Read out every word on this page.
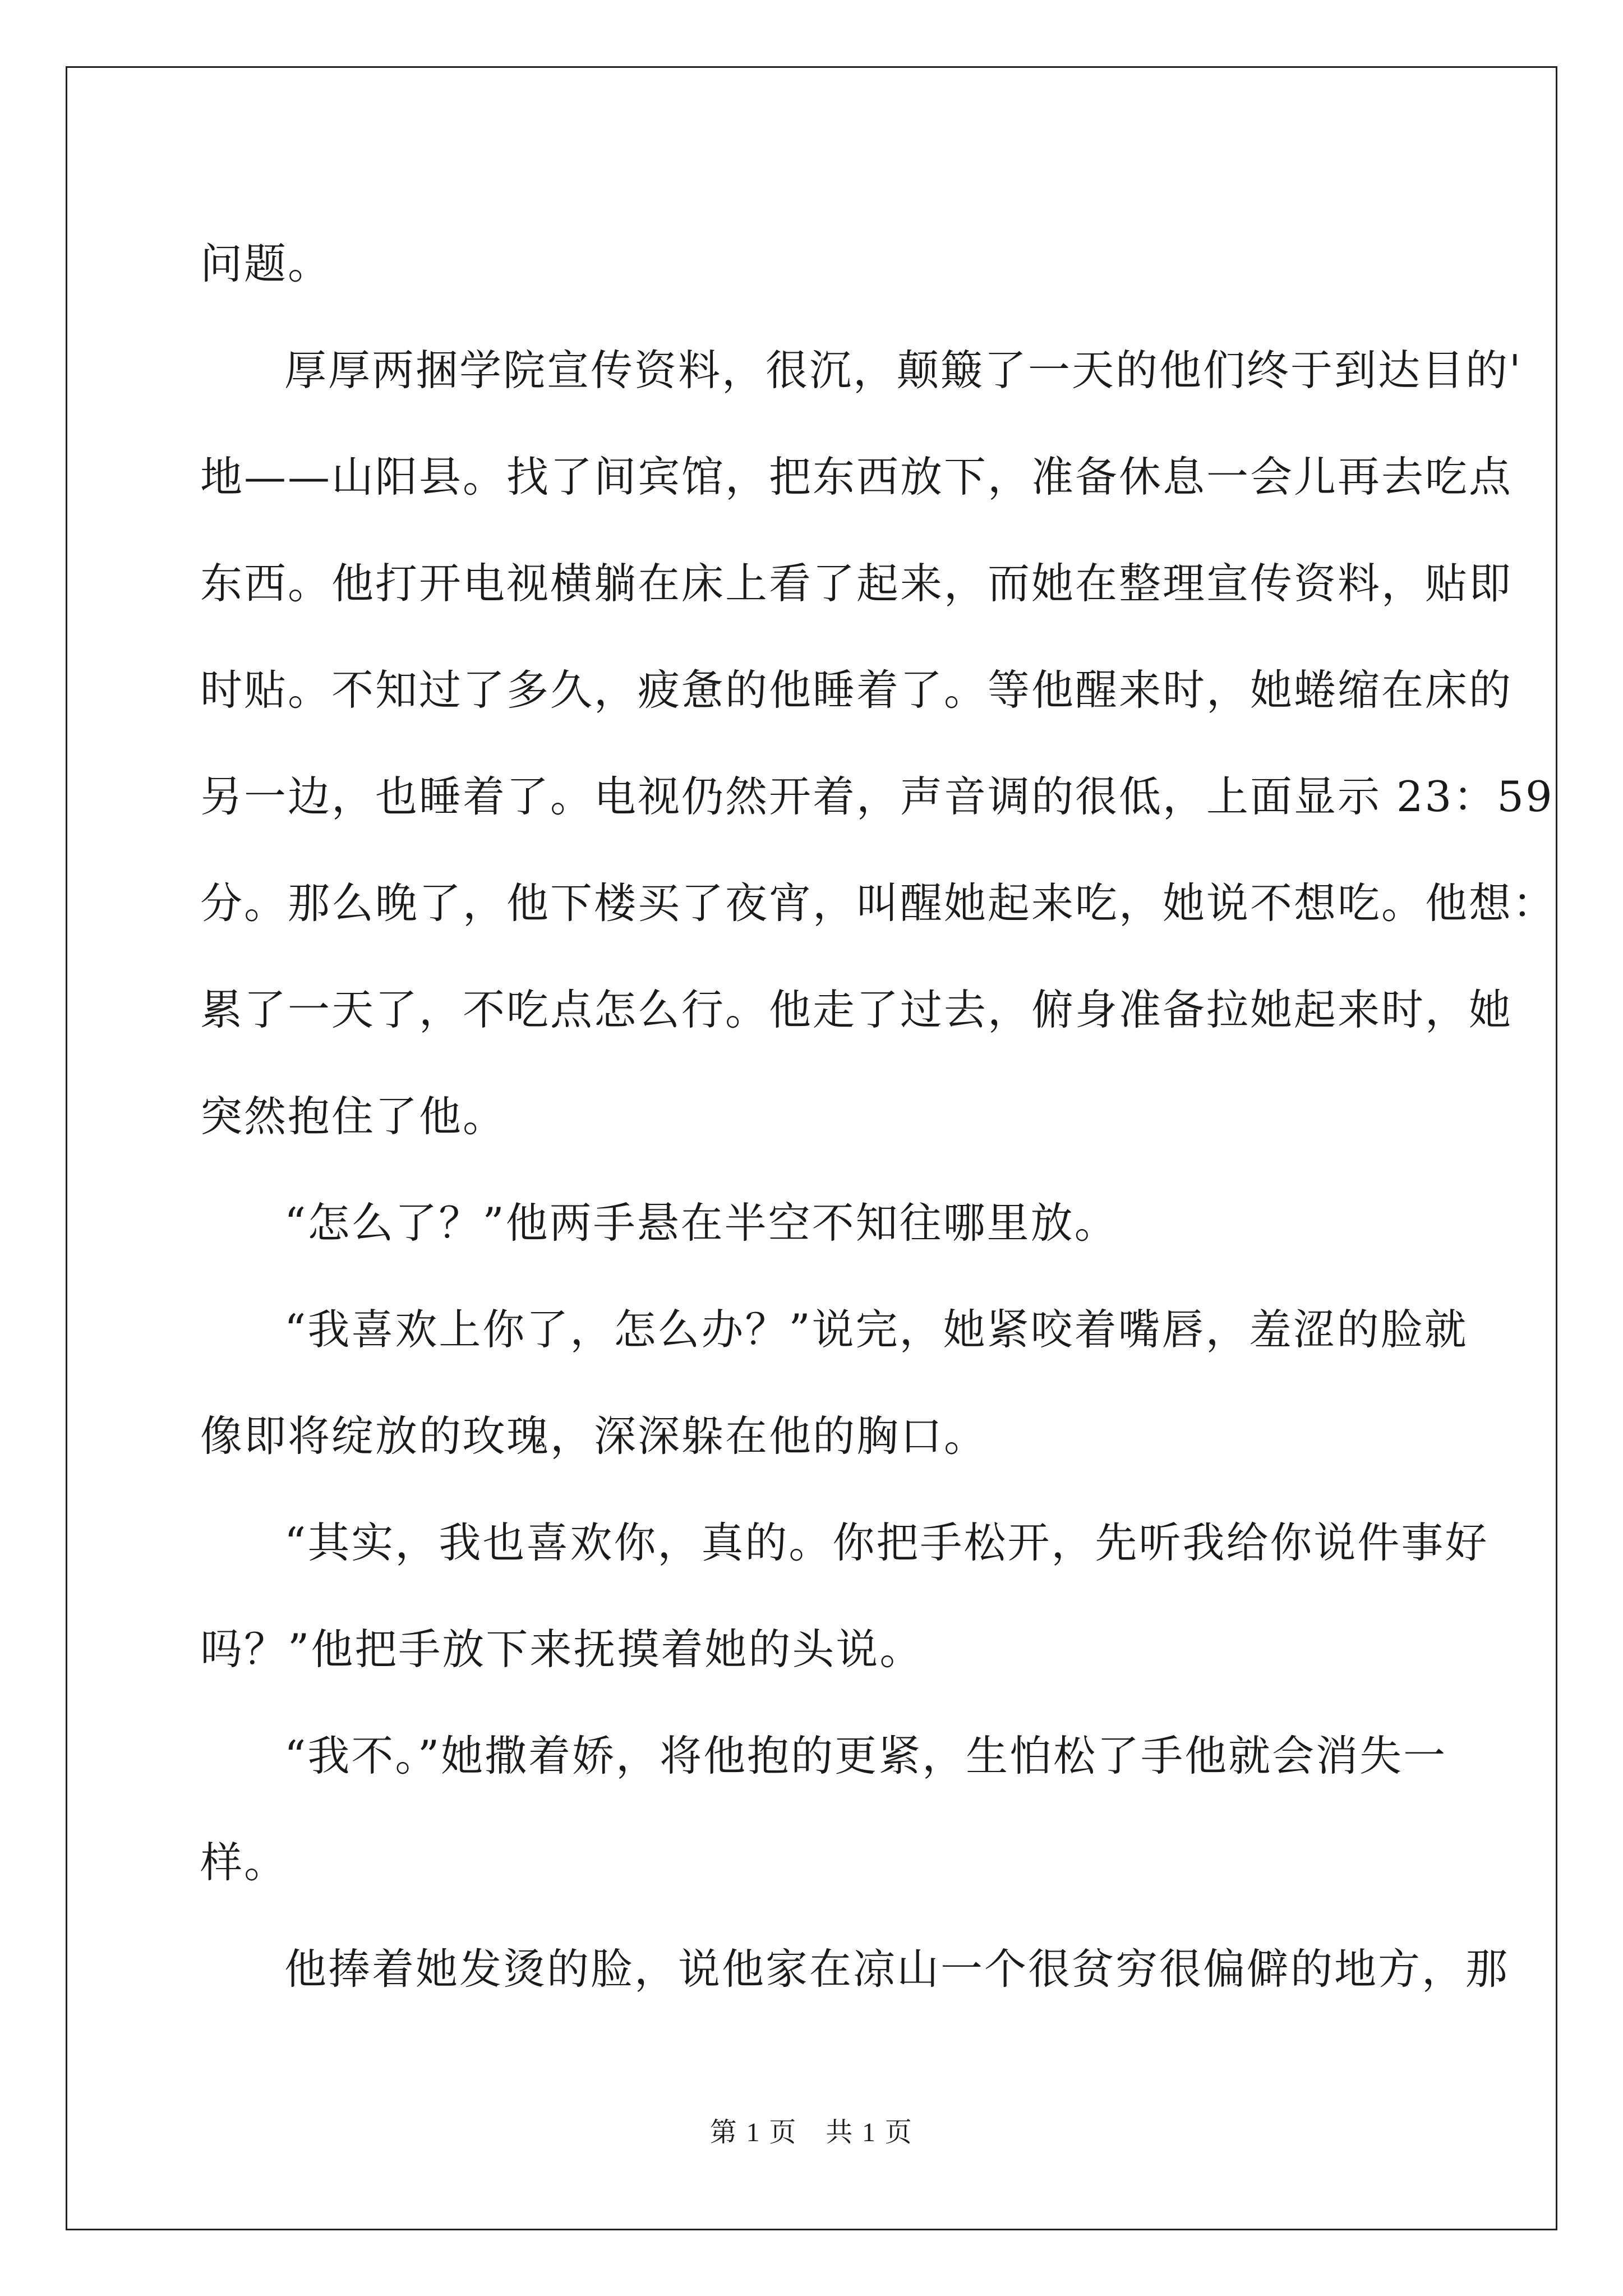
问题。
厚厚两捆学院宣传资料，很沉，颠簸了一天的他们终于到达目的'
地——山阳县。找了间宾馆，把东西放下，准备休息一会儿再去吃点
东西。他打开电视横躺在床上看了起来，而她在整理宣传资料，贴即
时贴。不知过了多久，疲惫的他睡着了。等他醒来时，她蜷缩在床的
另一边，也睡着了。电视仍然开着，声音调的很低，上面显示 23：59
分。那么晚了，他下楼买了夜宵，叫醒她起来吃，她说不想吃。他想：
累了一天了，不吃点怎么行。他走了过去，俯身准备拉她起来时，她
突然抱住了他。
“怎么了？”他两手悬在半空不知往哪里放。
“我喜欢上你了，怎么办？”说完，她紧咬着嘴唇，羞涩的脸就
像即将绽放的玫瑰，深深躲在他的胸口。
“其实，我也喜欢你，真的。你把手松开，先听我给你说件事好
吗？”他把手放下来抚摸着她的头说。
“我不。”她撒着娇，将他抱的更紧，生怕松了手他就会消失一
样。
他捧着她发烫的脸，说他家在凉山一个很贫穷很偏僻的地方，那
第 1 页　共 1 页
